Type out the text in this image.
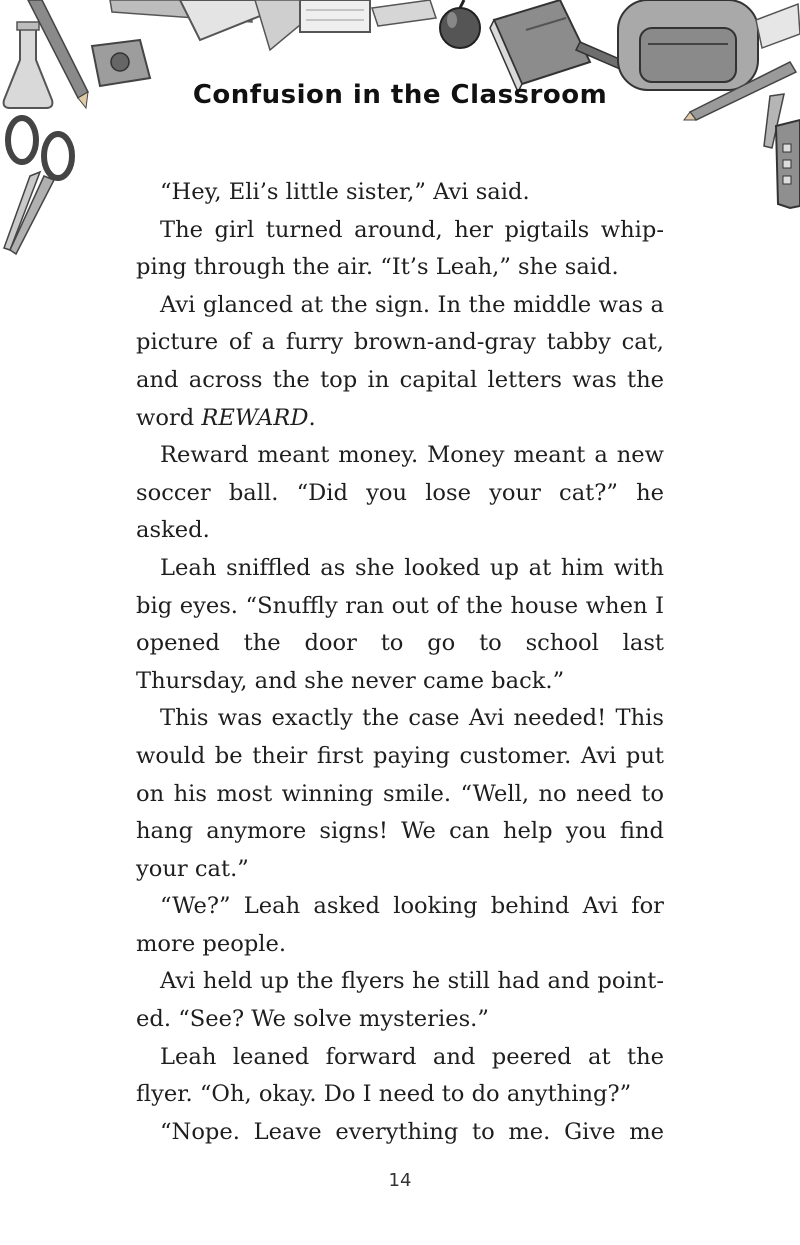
Confusion in the Classroom

“Hey, Eli’s little sister,” Avi said.

The girl turned around, her pigtails whipping through the air. “It’s Leah,” she said.

Avi glanced at the sign. In the middle was a picture of a furry brown-and-gray tabby cat, and across the top in capital letters was the word REWARD.

Reward meant money. Money meant a new soccer ball. “Did you lose your cat?” he asked.

Leah sniffled as she looked up at him with big eyes. “Snuffly ran out of the house when I opened the door to go to school last Thursday, and she never came back.”

This was exactly the case Avi needed! This would be their first paying customer. Avi put on his most winning smile. “Well, no need to hang anymore signs! We can help you find your cat.”

“We?” Leah asked looking behind Avi for more people.

Avi held up the flyers he still had and pointed. “See? We solve mysteries.”

Leah leaned forward and peered at the flyer. “Oh, okay. Do I need to do anything?”

“Nope. Leave everything to me. Give me

14
